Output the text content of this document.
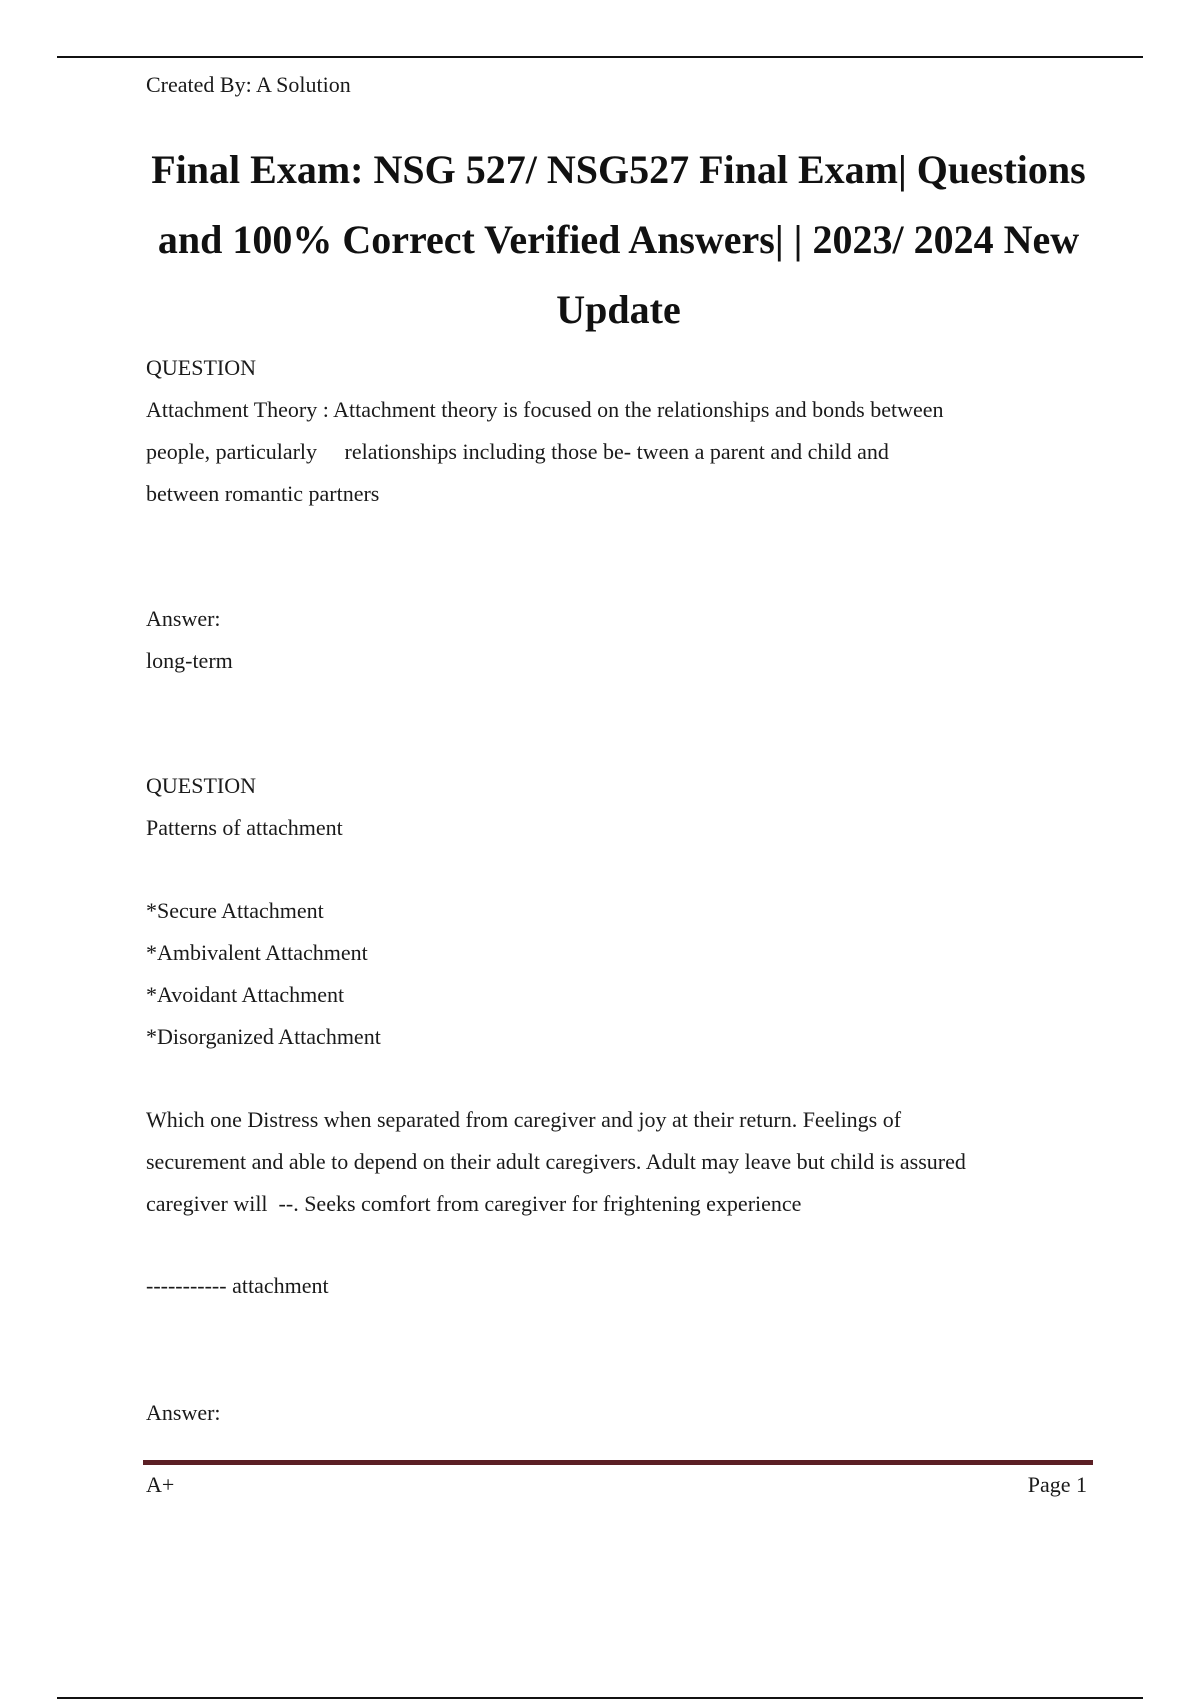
Created By: A Solution
Final Exam: NSG 527/ NSG527 Final Exam| Questions
and 100% Correct Verified Answers| | 2023/ 2024 New
Update
QUESTION
Attachment Theory : Attachment theory is focused on the relationships and bonds between
people, particularly     relationships including those be- tween a parent and child and
between romantic partners
Answer:
long-term
QUESTION
Patterns of attachment
*Secure Attachment
*Ambivalent Attachment
*Avoidant Attachment
*Disorganized Attachment
Which one Distress when separated from caregiver and joy at their return. Feelings of
securement and able to depend on their adult caregivers. Adult may leave but child is assured
caregiver will  --. Seeks comfort from caregiver for frightening experience
----------- attachment
Answer:
A+	Page 1
